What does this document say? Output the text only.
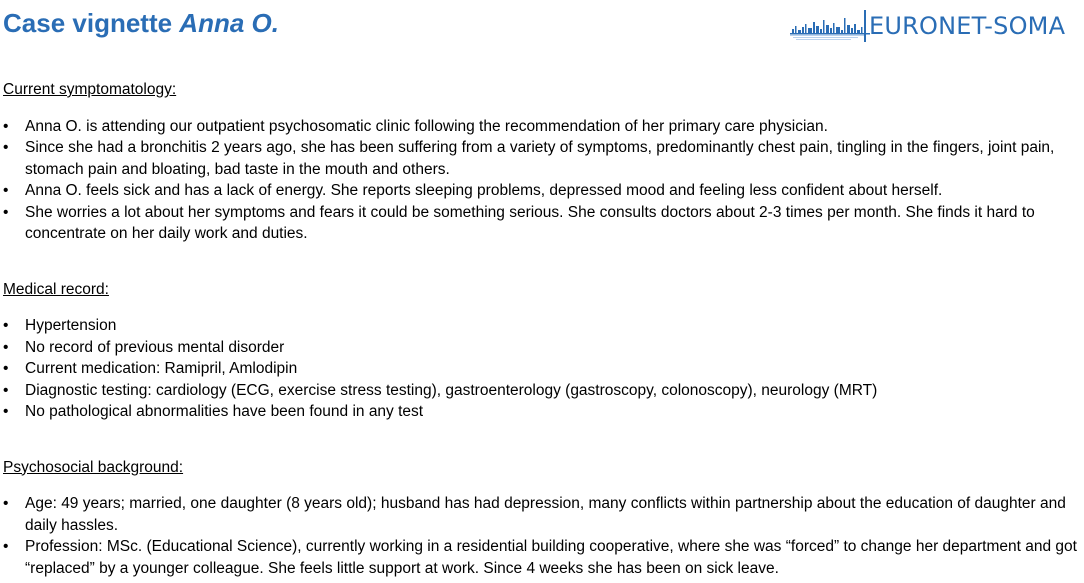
Case vignette Anna O.	EURONET-SOMA
Current symptomatology:
• Anna O. is attending our outpatient psychosomatic clinic following the recommendation of her primary care physician.
• Since she had a bronchitis 2 years ago, she has been suffering from a variety of symptoms, predominantly chest pain, tingling in the fingers, joint pain, stomach pain and bloating, bad taste in the mouth and others.
• Anna O. feels sick and has a lack of energy. She reports sleeping problems, depressed mood and feeling less confident about herself.
• She worries a lot about her symptoms and fears it could be something serious. She consults doctors about 2-3 times per month. She finds it hard to concentrate on her daily work and duties.
Medical record:
• Hypertension
• No record of previous mental disorder
• Current medication: Ramipril, Amlodipin
• Diagnostic testing: cardiology (ECG, exercise stress testing), gastroenterology (gastroscopy, colonoscopy), neurology (MRT)
• No pathological abnormalities have been found in any test
Psychosocial background:
• Age: 49 years; married, one daughter (8 years old); husband has had depression, many conflicts within partnership about the education of daughter and daily hassles.
• Profession: MSc. (Educational Science), currently working in a residential building cooperative, where she was “forced” to change her department and got “replaced” by a younger colleague. She feels little support at work. Since 4 weeks she has been on sick leave.
